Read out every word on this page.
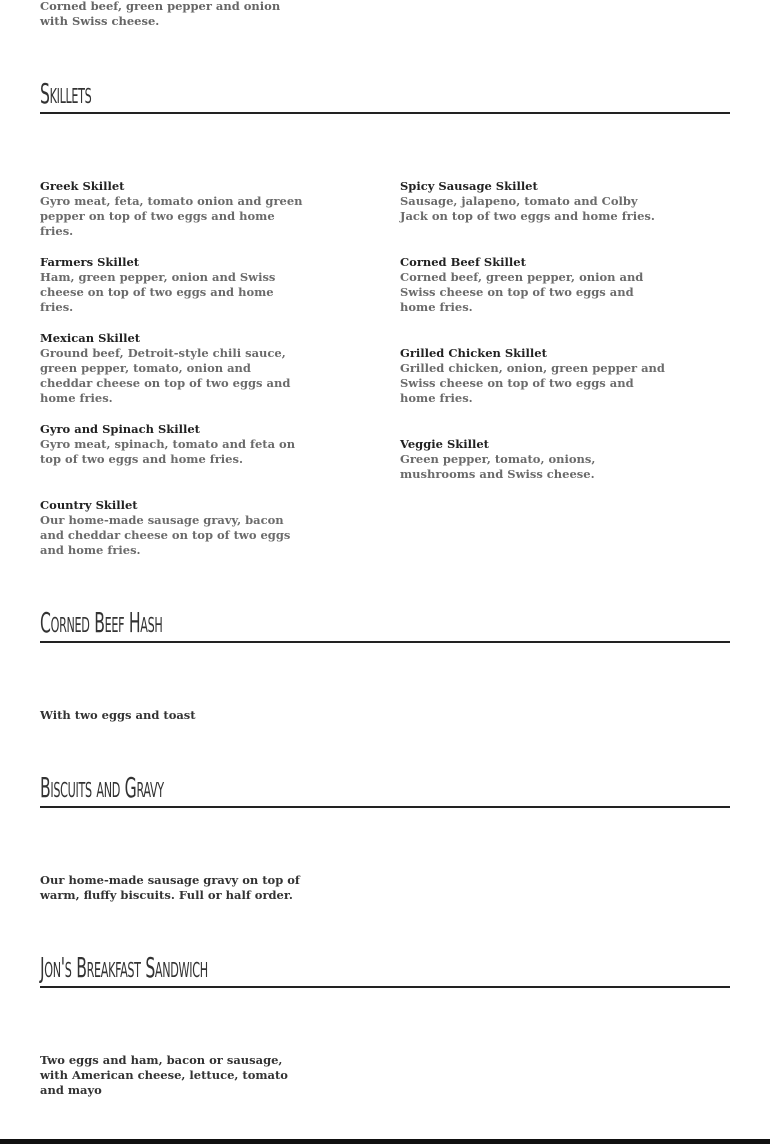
Corned beef, green pepper and onion with Swiss cheese.
Skillets
Greek Skillet
Gyro meat, feta, tomato onion and green pepper on top of two eggs and home fries.
Farmers Skillet
Ham, green pepper, onion and Swiss cheese on top of two eggs and home fries.
Mexican Skillet
Ground beef, Detroit-style chili sauce, green pepper, tomato, onion and cheddar cheese on top of two eggs and home fries.
Gyro and Spinach Skillet
Gyro meat, spinach, tomato and feta on top of two eggs and home fries.
Country Skillet
Our home-made sausage gravy, bacon and cheddar cheese on top of two eggs and home fries.
Spicy Sausage Skillet
Sausage, jalapeno, tomato and Colby Jack on top of two eggs and home fries.
Corned Beef Skillet
Corned beef, green pepper, onion and Swiss cheese on top of two eggs and home fries.
Grilled Chicken Skillet
Grilled chicken, onion, green pepper and Swiss cheese on top of two eggs and home fries.
Veggie Skillet
Green pepper, tomato, onions, mushrooms and Swiss cheese.
Corned Beef Hash
With two eggs and toast
Biscuits and Gravy
Our home-made sausage gravy on top of warm, fluffy biscuits. Full or half order.
Jon's Breakfast Sandwich
Two eggs and ham, bacon or sausage, with American cheese, lettuce, tomato and mayo
